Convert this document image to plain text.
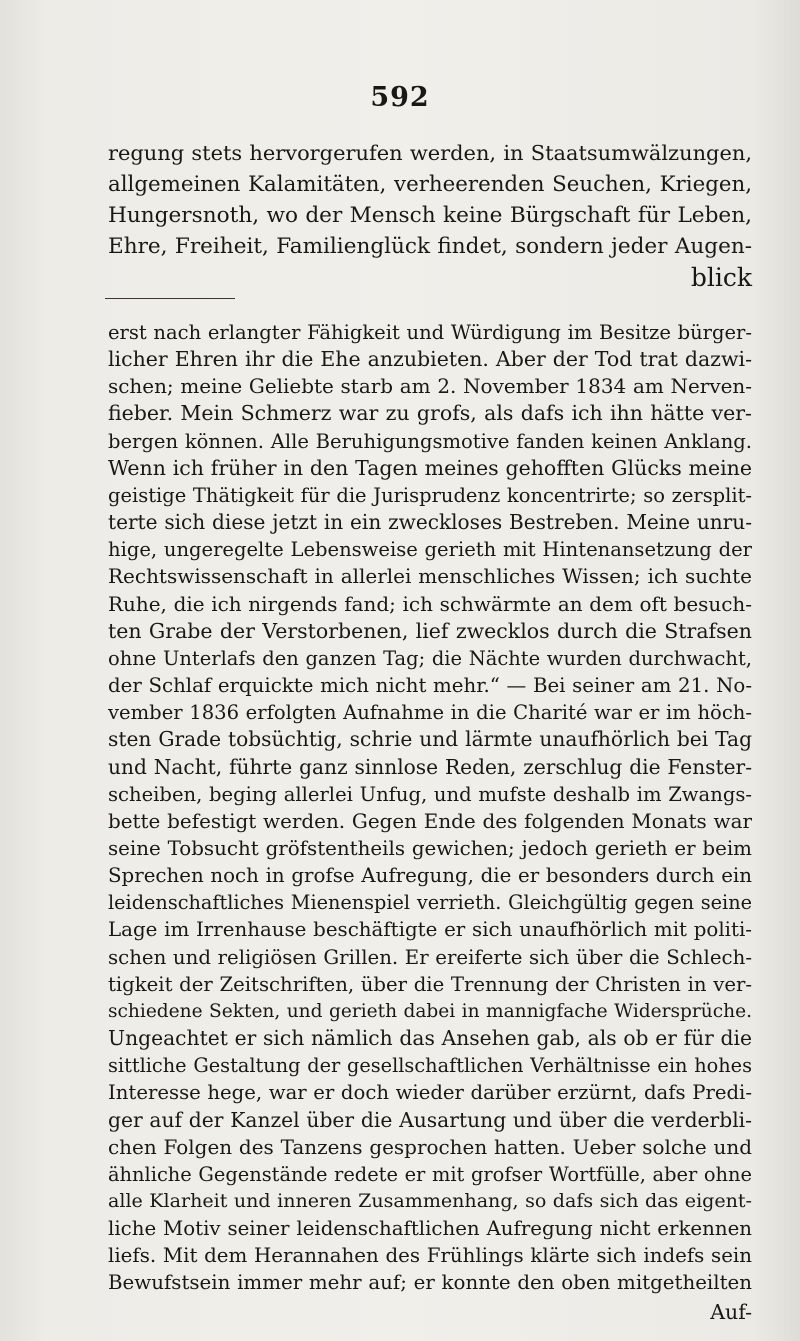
592
regung stets hervorgerufen werden, in Staatsumwälzungen,
allgemeinen Kalamitäten, verheerenden Seuchen, Kriegen,
Hungersnoth, wo der Mensch keine Bürgschaft für Leben,
Ehre, Freiheit, Familienglück findet, sondern jeder Augen-
blick
erst nach erlangter Fähigkeit und Würdigung im Besitze bürger-
licher Ehren ihr die Ehe anzubieten. Aber der Tod trat dazwi-
schen; meine Geliebte starb am 2. November 1834 am Nerven-
fieber. Mein Schmerz war zu grofs, als dafs ich ihn hätte ver-
bergen können. Alle Beruhigungsmotive fanden keinen Anklang.
Wenn ich früher in den Tagen meines gehofften Glücks meine
geistige Thätigkeit für die Jurisprudenz koncentrirte; so zersplit-
terte sich diese jetzt in ein zweckloses Bestreben. Meine unru-
hige, ungeregelte Lebensweise gerieth mit Hintenansetzung der
Rechtswissenschaft in allerlei menschliches Wissen; ich suchte
Ruhe, die ich nirgends fand; ich schwärmte an dem oft besuch-
ten Grabe der Verstorbenen, lief zwecklos durch die Strafsen
ohne Unterlafs den ganzen Tag; die Nächte wurden durchwacht,
der Schlaf erquickte mich nicht mehr.“ — Bei seiner am 21. No-
vember 1836 erfolgten Aufnahme in die Charité war er im höch-
sten Grade tobsüchtig, schrie und lärmte unaufhörlich bei Tag
und Nacht, führte ganz sinnlose Reden, zerschlug die Fenster-
scheiben, beging allerlei Unfug, und mufste deshalb im Zwangs-
bette befestigt werden. Gegen Ende des folgenden Monats war
seine Tobsucht gröfstentheils gewichen; jedoch gerieth er beim
Sprechen noch in grofse Aufregung, die er besonders durch ein
leidenschaftliches Mienenspiel verrieth. Gleichgültig gegen seine
Lage im Irrenhause beschäftigte er sich unaufhörlich mit politi-
schen und religiösen Grillen. Er ereiferte sich über die Schlech-
tigkeit der Zeitschriften, über die Trennung der Christen in ver-
schiedene Sekten, und gerieth dabei in mannigfache Widersprüche.
Ungeachtet er sich nämlich das Ansehen gab, als ob er für die
sittliche Gestaltung der gesellschaftlichen Verhältnisse ein hohes
Interesse hege, war er doch wieder darüber erzürnt, dafs Predi-
ger auf der Kanzel über die Ausartung und über die verderbli-
chen Folgen des Tanzens gesprochen hatten. Ueber solche und
ähnliche Gegenstände redete er mit grofser Wortfülle, aber ohne
alle Klarheit und inneren Zusammenhang, so dafs sich das eigent-
liche Motiv seiner leidenschaftlichen Aufregung nicht erkennen
liefs. Mit dem Herannahen des Frühlings klärte sich indefs sein
Bewufstsein immer mehr auf; er konnte den oben mitgetheilten
Auf-
